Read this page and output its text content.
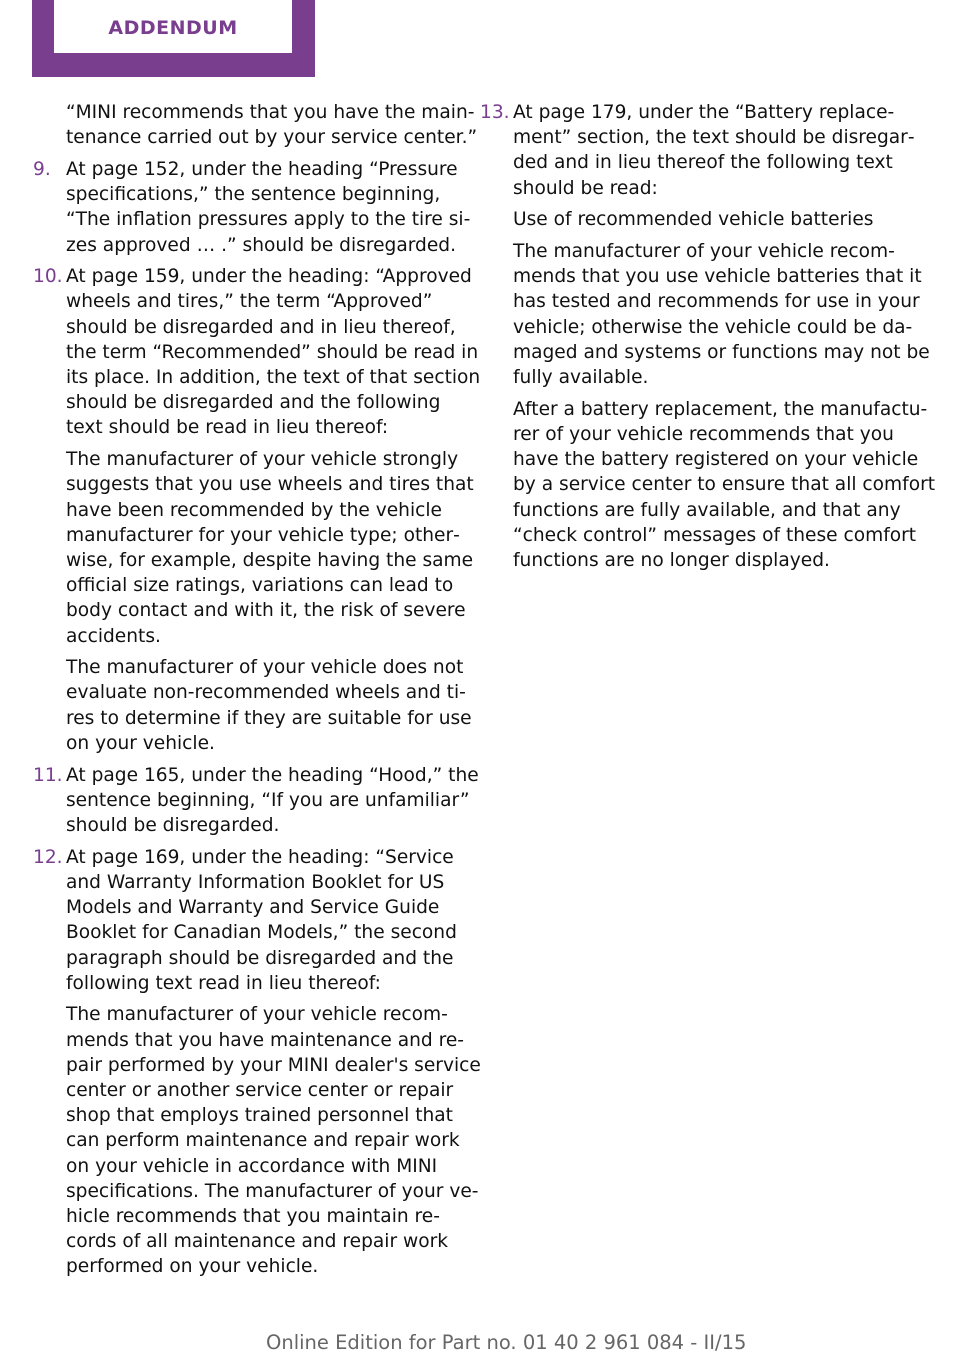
ADDENDUM
“MINI recommends that you have the main‐
tenance carried out by your service center.”
9. At page 152, under the heading “Pressure
specifications,” the sentence beginning,
“The inflation pressures apply to the tire si‐
zes approved … .” should be disregarded.
10. At page 159, under the heading: “Approved
wheels and tires,” the term “Approved”
should be disregarded and in lieu thereof,
the term “Recommended” should be read in
its place. In addition, the text of that section
should be disregarded and the following
text should be read in lieu thereof:
The manufacturer of your vehicle strongly
suggests that you use wheels and tires that
have been recommended by the vehicle
manufacturer for your vehicle type; other‐
wise, for example, despite having the same
official size ratings, variations can lead to
body contact and with it, the risk of severe
accidents.
The manufacturer of your vehicle does not
evaluate non-recommended wheels and ti‐
res to determine if they are suitable for use
on your vehicle.
11. At page 165, under the heading “Hood,” the
sentence beginning, “If you are unfamiliar”
should be disregarded.
12. At page 169, under the heading: “Service
and Warranty Information Booklet for US
Models and Warranty and Service Guide
Booklet for Canadian Models,” the second
paragraph should be disregarded and the
following text read in lieu thereof:
The manufacturer of your vehicle recom‐
mends that you have maintenance and re‐
pair performed by your MINI dealer's service
center or another service center or repair
shop that employs trained personnel that
can perform maintenance and repair work
on your vehicle in accordance with MINI
specifications. The manufacturer of your ve‐
hicle recommends that you maintain re‐
cords of all maintenance and repair work
performed on your vehicle.
13. At page 179, under the “Battery replace‐
ment” section, the text should be disregar‐
ded and in lieu thereof the following text
should be read:
Use of recommended vehicle batteries
The manufacturer of your vehicle recom‐
mends that you use vehicle batteries that it
has tested and recommends for use in your
vehicle; otherwise the vehicle could be da‐
maged and systems or functions may not be
fully available.
After a battery replacement, the manufactu‐
rer of your vehicle recommends that you
have the battery registered on your vehicle
by a service center to ensure that all comfort
functions are fully available, and that any
“check control” messages of these comfort
functions are no longer displayed.
Online Edition for Part no. 01 40 2 961 084 - II/15
